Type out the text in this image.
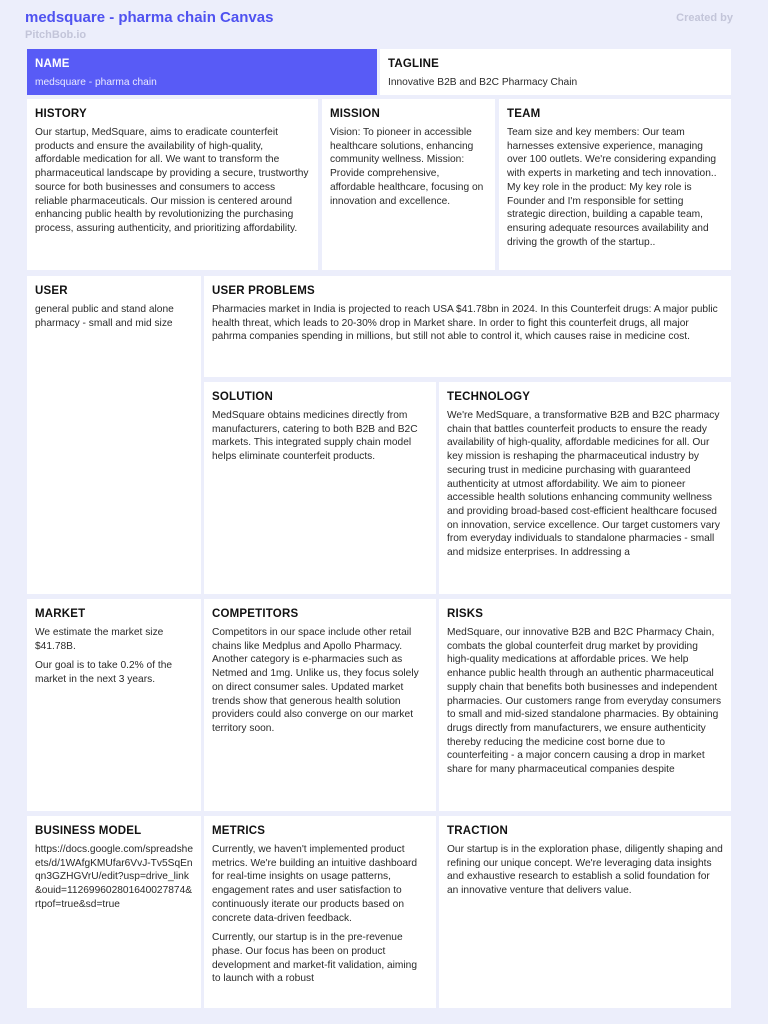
medsquare - pharma chain Canvas
PitchBob.io
Created by
NAME
medsquare - pharma chain
TAGLINE
Innovative B2B and B2C Pharmacy Chain
HISTORY
Our startup, MedSquare, aims to eradicate counterfeit products and ensure the availability of high-quality, affordable medication for all. We want to transform the pharmaceutical landscape by providing a secure, trustworthy source for both businesses and consumers to access reliable pharmaceuticals. Our mission is centered around enhancing public health by revolutionizing the purchasing process, assuring authenticity, and prioritizing affordability.
MISSION
Vision: To pioneer in accessible healthcare solutions, enhancing community wellness. Mission: Provide comprehensive, affordable healthcare, focusing on innovation and excellence.
TEAM
Team size and key members: Our team harnesses extensive experience, managing over 100 outlets. We're considering expanding with experts in marketing and tech innovation.. My key role in the product: My key role is Founder and I'm responsible for setting strategic direction, building a capable team, ensuring adequate resources availability and driving the growth of the startup..
USER
general public and stand alone pharmacy - small and mid size
USER PROBLEMS
Pharmacies market in India is projected to reach USA $41.78bn in 2024. In this Counterfeit drugs: A major public health threat, which leads to 20-30% drop in Market share. In order to fight this counterfeit drugs, all major pahrma companies spending in millions, but still not able to control it, which causes raise in medicine cost.
SOLUTION
MedSquare obtains medicines directly from manufacturers, catering to both B2B and B2C markets. This integrated supply chain model helps eliminate counterfeit products.
TECHNOLOGY
We're MedSquare, a transformative B2B and B2C pharmacy chain that battles counterfeit products to ensure the ready availability of high-quality, affordable medicines for all. Our key mission is reshaping the pharmaceutical industry by securing trust in medicine purchasing with guaranteed authenticity at utmost affordability. We aim to pioneer accessible health solutions enhancing community wellness and providing broad-based cost-efficient healthcare focused on innovation, service excellence. Our target customers vary from everyday individuals to standalone pharmacies - small and midsize enterprises. In addressing a
MARKET

We estimate the market size $41.78B.

Our goal is to take 0.2% of the market in the next 3 years.

COMPETITORS
Competitors in our space include other retail chains like Medplus and Apollo Pharmacy. Another category is e-pharmacies such as Netmed and 1mg. Unlike us, they focus solely on direct consumer sales. Updated market trends show that generous health solution providers could also converge on our market territory soon.
RISKS
MedSquare, our innovative B2B and B2C Pharmacy Chain, combats the global counterfeit drug market by providing high-quality medications at affordable prices. We help enhance public health through an authentic pharmaceutical supply chain that benefits both businesses and independent pharmacies. Our customers range from everyday consumers to small and mid-sized standalone pharmacies. By obtaining drugs directly from manufacturers, we ensure authenticity thereby reducing the medicine cost borne due to counterfeiting - a major concern causing a drop in market share for many pharmaceutical companies despite
BUSINESS MODEL
https://docs.google.com/spreadsheets/d/1WAfgKMUfar6VvJ-Tv5SqEnqn3GZHGVrU/edit?usp=drive_link&ouid=112699602801640027874&rtpof=true&sd=true
METRICS

Currently, we haven't implemented product metrics. We're building an intuitive dashboard for real-time insights on usage patterns, engagement rates and user satisfaction to continuously iterate our products based on concrete data-driven feedback.

Currently, our startup is in the pre-revenue phase. Our focus has been on product development and market-fit validation, aiming to launch with a robust

TRACTION
Our startup is in the exploration phase, diligently shaping and refining our unique concept. We're leveraging data insights and exhaustive research to establish a solid foundation for an innovative venture that delivers value.
